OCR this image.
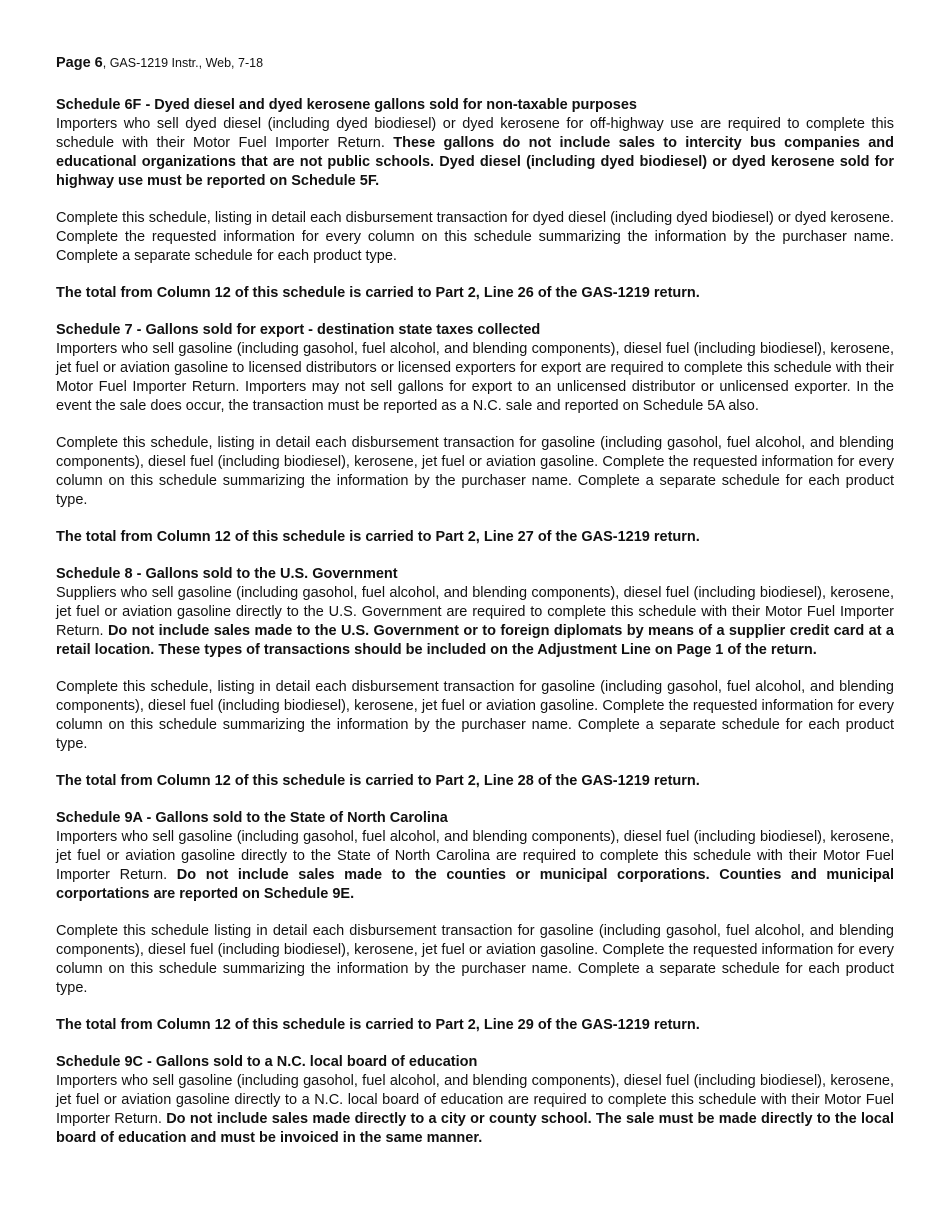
Page 6, GAS-1219 Instr., Web, 7-18
Schedule 6F - Dyed diesel and dyed kerosene gallons sold for non-taxable purposes

Importers who sell dyed diesel (including dyed biodiesel) or dyed kerosene for off-highway use are required to complete this schedule with their Motor Fuel Importer Return. These gallons do not include sales to intercity bus companies and educational organizations that are not public schools. Dyed diesel (including dyed biodiesel) or dyed kerosene sold for highway use must be reported on Schedule 5F.

Complete this schedule, listing in detail each disbursement transaction for dyed diesel (including dyed biodiesel) or dyed kerosene. Complete the requested information for every column on this schedule summarizing the information by the purchaser name. Complete a separate schedule for each product type.

The total from Column 12 of this schedule is carried to Part 2, Line 26 of the GAS-1219 return.

Schedule 7 - Gallons sold for export - destination state taxes collected

Importers who sell gasoline (including gasohol, fuel alcohol, and blending components), diesel fuel (including biodiesel), kerosene, jet fuel or aviation gasoline to licensed distributors or licensed exporters for export are required to complete this schedule with their Motor Fuel Importer Return. Importers may not sell gallons for export to an unlicensed distributor or unlicensed exporter. In the event the sale does occur, the transaction must be reported as a N.C. sale and reported on Schedule 5A also.

Complete this schedule, listing in detail each disbursement transaction for gasoline (including gasohol, fuel alcohol, and blending components), diesel fuel (including biodiesel), kerosene, jet fuel or aviation gasoline. Complete the requested information for every column on this schedule summarizing the information by the purchaser name. Complete a separate schedule for each product type.

The total from Column 12 of this schedule is carried to Part 2, Line 27 of the GAS-1219 return.

Schedule 8 - Gallons sold to the U.S. Government

Suppliers who sell gasoline (including gasohol, fuel alcohol, and blending components), diesel fuel (including biodiesel), kerosene, jet fuel or aviation gasoline directly to the U.S. Government are required to complete this schedule with their Motor Fuel Importer Return. Do not include sales made to the U.S. Government or to foreign diplomats by means of a supplier credit card at a retail location. These types of transactions should be included on the Adjustment Line on Page 1 of the return.

Complete this schedule, listing in detail each disbursement transaction for gasoline (including gasohol, fuel alcohol, and blending components), diesel fuel (including biodiesel), kerosene, jet fuel or aviation gasoline. Complete the requested information for every column on this schedule summarizing the information by the purchaser name. Complete a separate schedule for each product type.

The total from Column 12 of this schedule is carried to Part 2, Line 28 of the GAS-1219 return.

Schedule 9A - Gallons sold to the State of North Carolina

Importers who sell gasoline (including gasohol, fuel alcohol, and blending components), diesel fuel (including biodiesel), kerosene, jet fuel or aviation gasoline directly to the State of North Carolina are required to complete this schedule with their Motor Fuel Importer Return. Do not include sales made to the counties or municipal corporations. Counties and municipal corportations are reported on Schedule 9E.

Complete this schedule listing in detail each disbursement transaction for gasoline (including gasohol, fuel alcohol, and blending components), diesel fuel (including biodiesel), kerosene, jet fuel or aviation gasoline. Complete the requested information for every column on this schedule summarizing the information by the purchaser name. Complete a separate schedule for each product type.

The total from Column 12 of this schedule is carried to Part 2, Line 29 of the GAS-1219 return.

Schedule 9C - Gallons sold to a N.C. local board of education

Importers who sell gasoline (including gasohol, fuel alcohol, and blending components), diesel fuel (including biodiesel), kerosene, jet fuel or aviation gasoline directly to a N.C. local board of education are required to complete this schedule with their Motor Fuel Importer Return. Do not include sales made directly to a city or county school. The sale must be made directly to the local board of education and must be invoiced in the same manner.
